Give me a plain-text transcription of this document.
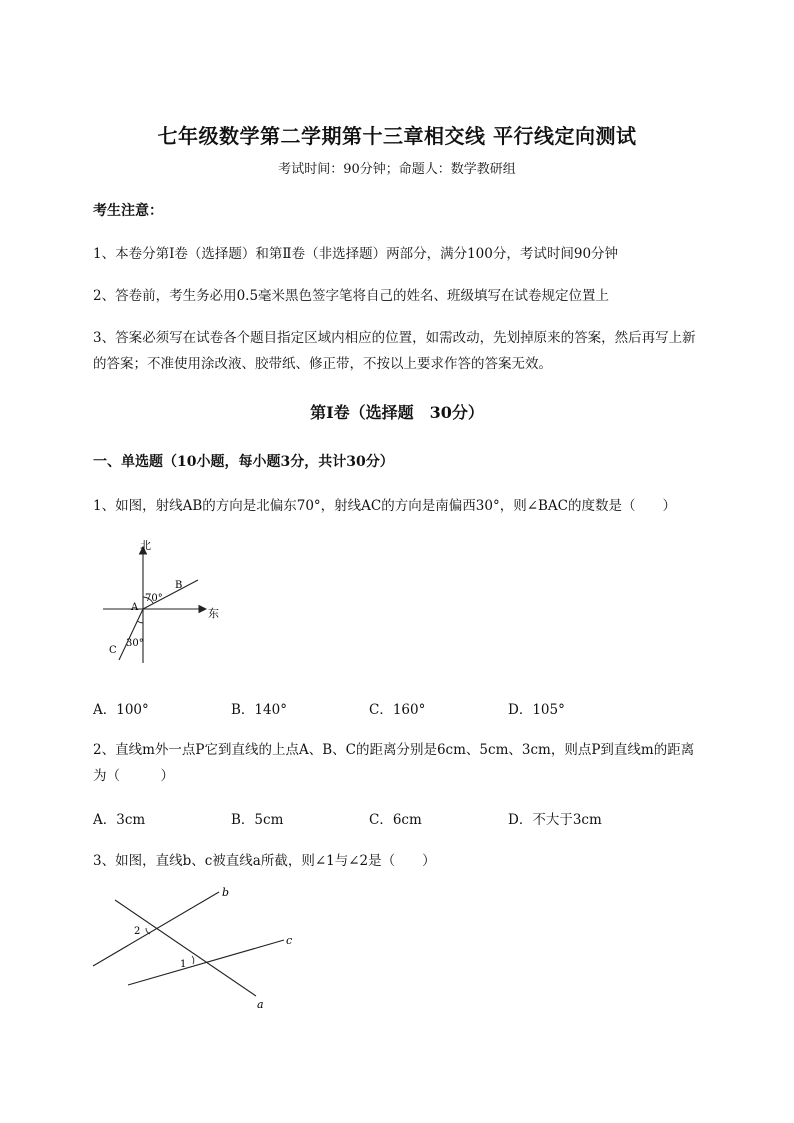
七年级数学第二学期第十三章相交线 平行线定向测试
考试时间：90分钟；命题人：数学教研组
考生注意：
1、本卷分第Ⅰ卷（选择题）和第Ⅱ卷（非选择题）两部分，满分100分，考试时间90分钟
2、答卷前，考生务必用0.5毫米黑色签字笔将自己的姓名、班级填写在试卷规定位置上
3、答案必须写在试卷各个题目指定区域内相应的位置，如需改动，先划掉原来的答案，然后再写上新
的答案；不准使用涂改液、胶带纸、修正带，不按以上要求作答的答案无效。
第Ⅰ卷（选择题　30分）
一、单选题（10小题，每小题3分，共计30分）
1、如图，射线AB的方向是北偏东70°，射线AC的方向是南偏西30°，则∠BAC的度数是（　　）
北
东
A
B
C
70°
30°
A．100°	B．140°	C．160°	D．105°
2、直线m外一点P它到直线的上点A、B、C的距离分别是6cm、5cm、3cm，则点P到直线m的距离
为（　　　）
A．3cm	B．5cm	C．6cm	D．不大于3cm
3、如图，直线b、c被直线a所截，则∠1与∠2是（　　）
b
c
a
2
1
